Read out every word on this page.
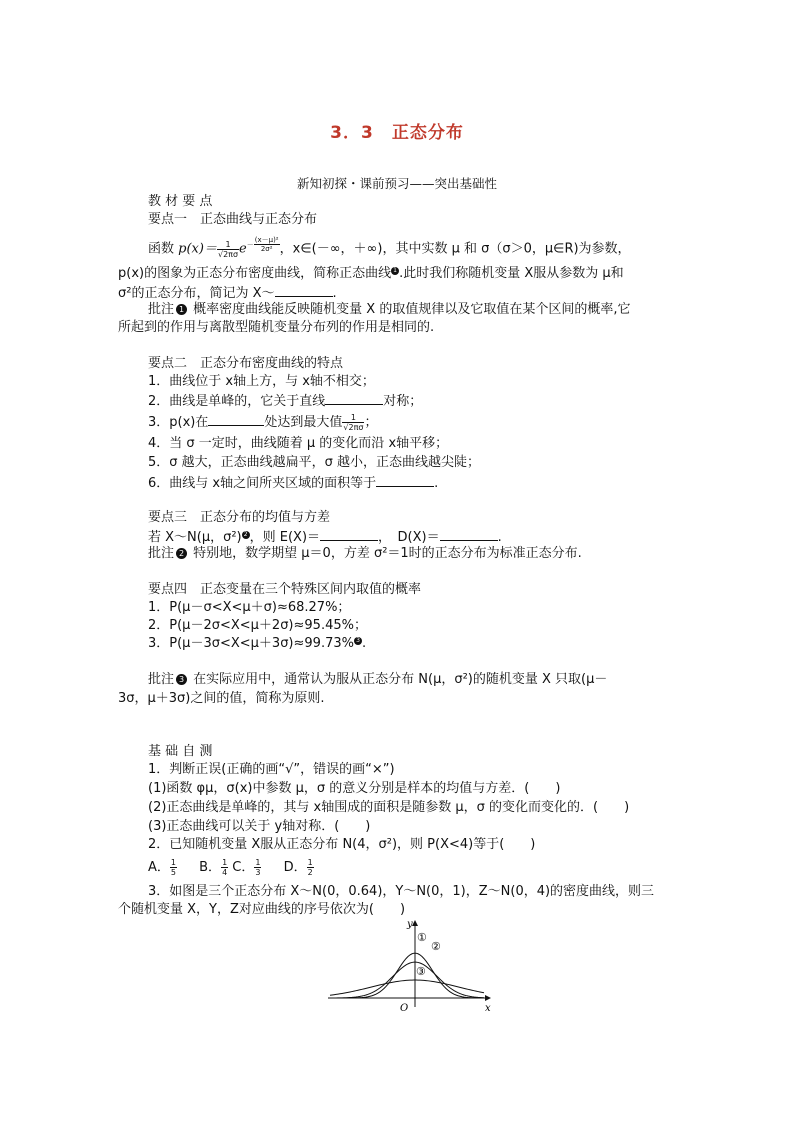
3．3　正态分布
新知初探・课前预习——突出基础性
教 材 要 点
要点一　正态曲线与正态分布
函数 $p(x)= \frac{1}{√2\pi\sigma} e^{- \frac{\text{(x－μ)²}}{\text{2σ²}}}$ ，x∈(－∞，＋∞)，其中实数 μ 和 σ（σ＞0，μ∈R)为参数，
p(x)的图象为正态分布密度曲线，简称正态曲线 1 .此时我们称随机变量 X服从参数为 μ和
σ²的正态分布，简记为 X～	.
批注 1 概率密度曲线能反映随机变量 X 的取值规律以及它取值在某个区间的概率,它
所起到的作用与离散型随机变量分布列的作用是相同的.
要点二　正态分布密度曲线的特点
1．曲线位于 x轴上方，与 x轴不相交；
2．曲线是单峰的，它关于直线	对称；
3．p(x)在	处达到最大值 $\frac{1}{√2\pi\sigma}$ ；
4．当 σ 一定时，曲线随着 μ 的变化而沿 x轴平移；
5．σ 越大，正态曲线越扁平，σ 越小，正态曲线越尖陡；
6．曲线与 x轴之间所夹区域的面积等于	.
要点三　正态分布的均值与方差
若 X～N(μ，σ²) 2 ，则 E(X)＝	，　D(X)＝	.
批注 2 特别地，数学期望 μ＝0，方差 σ²＝1时的正态分布为标准正态分布.
要点四　正态变量在三个特殊区间内取值的概率
1．P(μ－σ<X<μ＋σ)≈68.27%；
2．P(μ－2σ<X<μ＋2σ)≈95.45%；
3．P(μ－3σ<X<μ＋3σ)≈99.73% 3 .
批注 3 在实际应用中，通常认为服从正态分布 N(μ，σ²)的随机变量 X 只取(μ－
3σ，μ＋3σ)之间的值，简称为原则.
基 础 自 测
1．判断正误(正确的画“√”，错误的画“×”)
(1)函数 φμ，σ(x)中参数 μ，σ 的意义分别是样本的均值与方差．(　　)
(2)正态曲线是单峰的，其与 x轴围成的面积是随参数 μ，σ 的变化而变化的．(　　)
(3)正态曲线可以关于 y轴对称．(　　)
2．已知随机变量 X服从正态分布 N(4，σ²)，则 P(X<4)等于(　　)
A． $\frac{1}{5}$ B． $\frac{1}{4}$ C． $\frac{1}{3}$ D． $\frac{1}{2}$
3．如图是三个正态分布 X～N(0，0.64)，Y～N(0，1)，Z～N(0，4)的密度曲线，则三
个随机变量 X，Y，Z对应曲线的序号依次为(　　)
y
x
O
①
②
③
